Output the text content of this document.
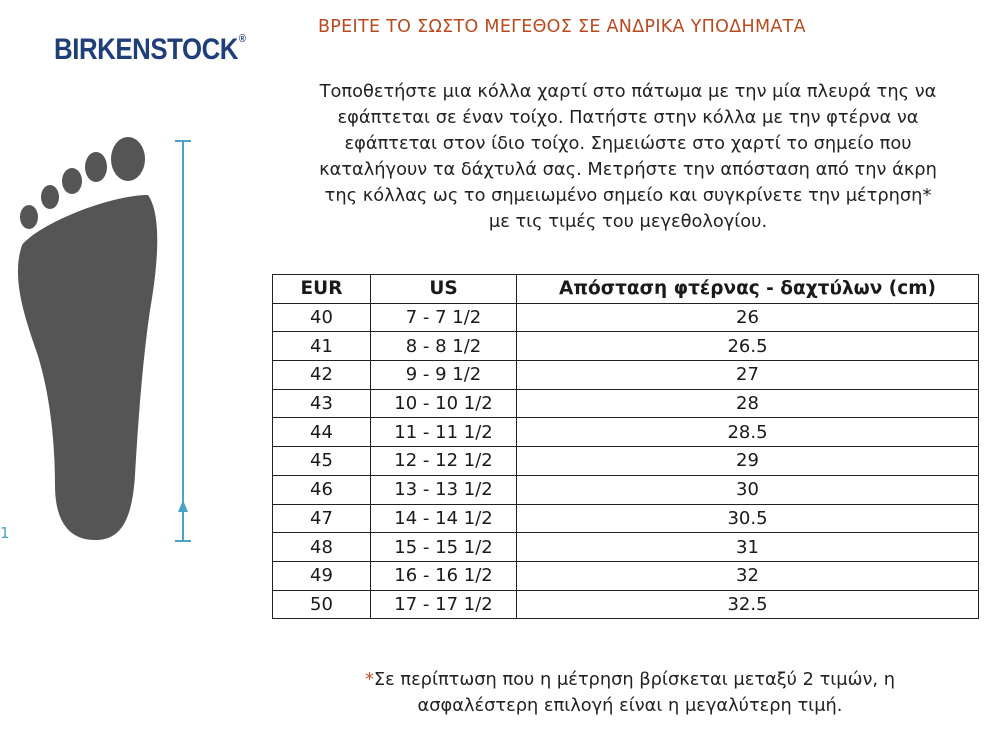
BIRKENSTOCK®
ΒΡΕΙΤΕ ΤΟ ΣΩΣΤΟ ΜΕΓΕΘΟΣ ΣΕ ΑΝΔΡΙΚΑ ΥΠΟΔΗΜΑΤΑ
Τοποθετήστε μια κόλλα χαρτί στο πάτωμα με την μία πλευρά της να
εφάπτεται σε έναν τοίχο. Πατήστε στην κόλλα με την φτέρνα να
εφάπτεται στον ίδιο τοίχο. Σημειώστε στο χαρτί το σημείο που
καταλήγουν τα δάχτυλά σας. Μετρήστε την απόσταση από την άκρη
της κόλλας ως το σημειωμένο σημείο και συγκρίνετε την μέτρηση*
με τις τιμές του μεγεθολογίου.
1
EUR	US	Απόσταση φτέρνας - δαχτύλων (cm)
40	7 - 7 1/2	26
41	8 - 8 1/2	26.5
42	9 - 9 1/2	27
43	10 - 10 1/2	28
44	11 - 11 1/2	28.5
45	12 - 12 1/2	29
46	13 - 13 1/2	30
47	14 - 14 1/2	30.5
48	15 - 15 1/2	31
49	16 - 16 1/2	32
50	17 - 17 1/2	32.5
*Σε περίπτωση που η μέτρηση βρίσκεται μεταξύ 2 τιμών, η
ασφαλέστερη επιλογή είναι η μεγαλύτερη τιμή.
